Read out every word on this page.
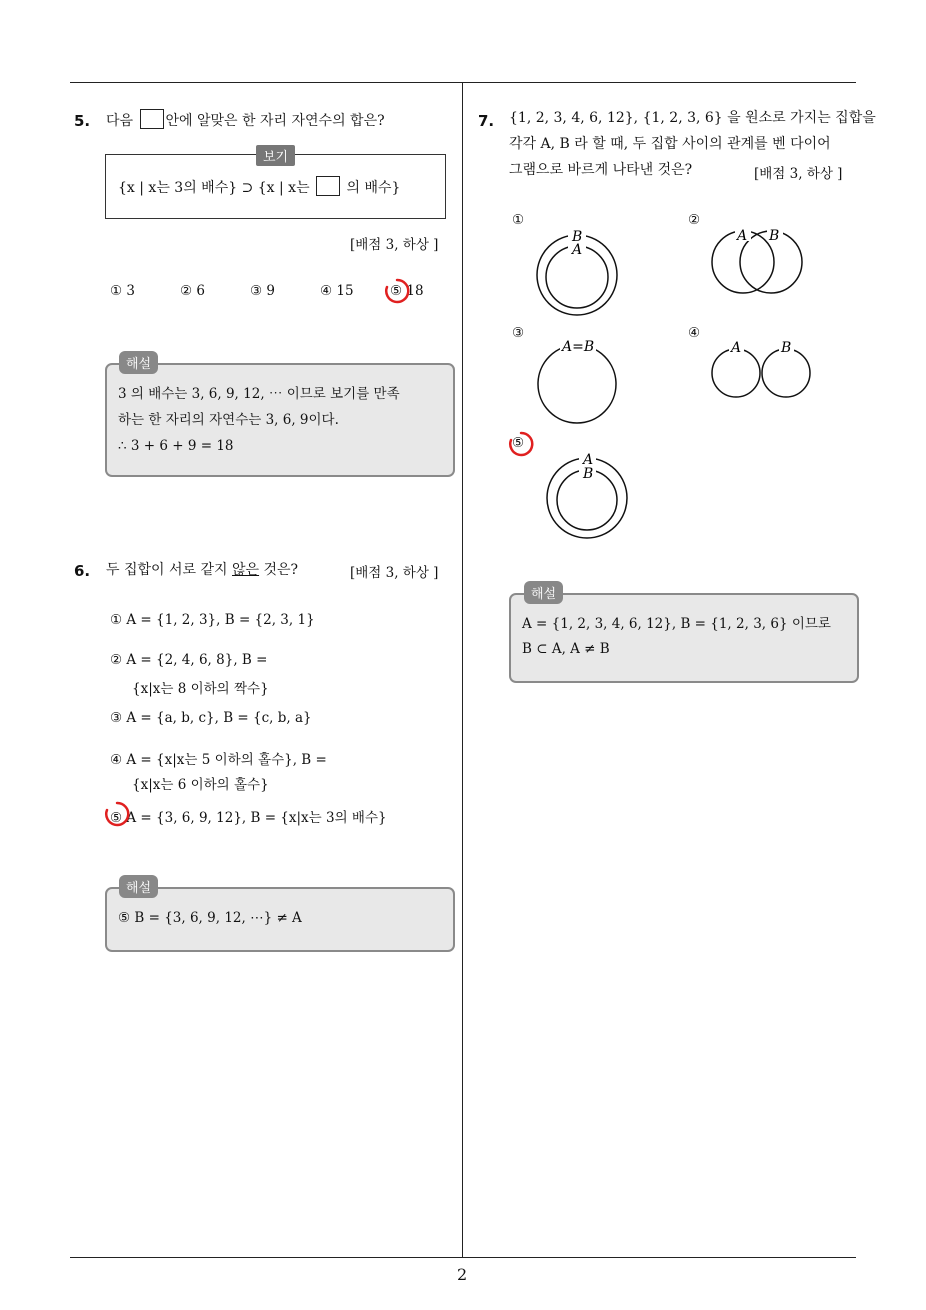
5. 다음 안에 알맞은 한 자리 자연수의 합은?
보기
{x | x는 3의 배수} ⊃ {x | x는	의 배수}
[배점 3, 하상 ]
① 3	② 6	③ 9	④ 15	⑤ 18
해설
3 의 배수는 3, 6, 9, 12, ⋯ 이므로 보기를 만족
하는 한 자리의 자연수는 3, 6, 9이다.
∴ 3 + 6 + 9 = 18
6. 두 집합이 서로 같지 않은 것은?	[배점 3, 하상 ]
① A = {1, 2, 3}, B = {2, 3, 1}
② A = {2, 4, 6, 8}, B =
{x|x는 8 이하의 짝수}
③ A = {a, b, c}, B = {c, b, a}
④ A = {x|x는 5 이하의 홀수}, B =
{x|x는 6 이하의 홀수}
⑤ A = {3, 6, 9, 12}, B = {x|x는 3의 배수}
해설
⑤ B = {3, 6, 9, 12, ⋯} ≠ A
7. {1, 2, 3, 4, 6, 12}, {1, 2, 3, 6} 을 원소로 가지는 집합을
각각 A, B 라 할 때, 두 집합 사이의 관계를 벤 다이어
그램으로 바르게 나타낸 것은?	[배점 3, 하상 ]
①
B
A
②
A B
③
A=B
④
A	B
⑤
A
B
해설
A = {1, 2, 3, 4, 6, 12}, B = {1, 2, 3, 6} 이므로
B ⊂ A, A ≠ B
2
